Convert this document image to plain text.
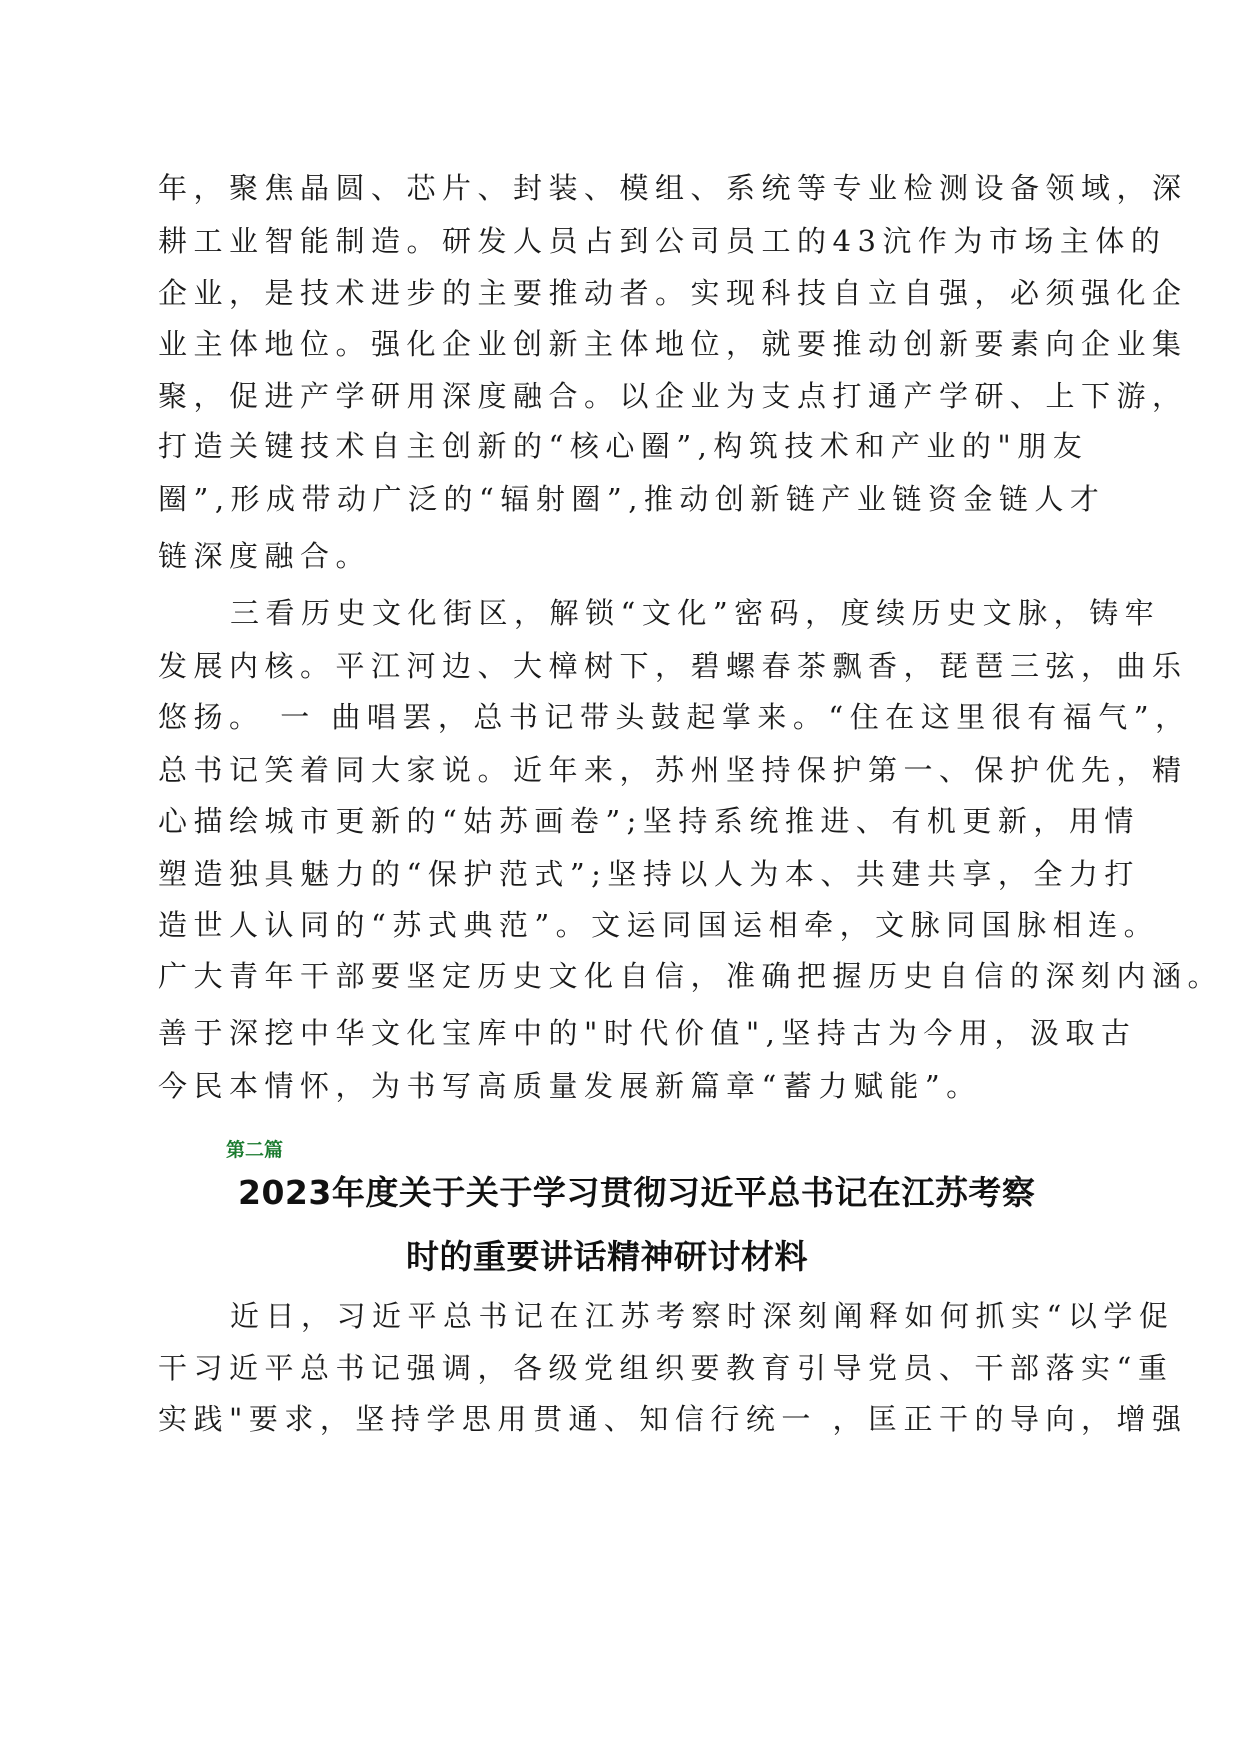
年，聚焦晶圆、芯片、封装、模组、系统等专业检测设备领域，深
耕工业智能制造。研发人员占到公司员工的43沆作为市场主体的
企业，是技术进步的主要推动者。实现科技自立自强，必须强化企
业主体地位。强化企业创新主体地位，就要推动创新要素向企业集
聚，促进产学研用深度融合。以企业为支点打通产学研、上下游，
打造关键技术自主创新的“核心圈”,构筑技术和产业的"朋友
圈”,形成带动广泛的“辐射圈”,推动创新链产业链资金链人才
链深度融合。
三看历史文化街区，解锁“文化”密码，度续历史文脉，铸牢
发展内核。平江河边、大樟树下，碧螺春茶飘香，琵琶三弦，曲乐
悠扬。 一 曲唱罢，总书记带头鼓起掌来。“住在这里很有福气”，
总书记笑着同大家说。近年来，苏州坚持保护第一、保护优先，精
心描绘城市更新的“姑苏画卷”;坚持系统推进、有机更新，用情
塑造独具魅力的“保护范式”;坚持以人为本、共建共享，全力打
造世人认同的“苏式典范”。文运同国运相牵，文脉同国脉相连。
广大青年干部要坚定历史文化自信，准确把握历史自信的深刻内涵。
善于深挖中华文化宝库中的"时代价值",坚持古为今用，汲取古
今民本情怀，为书写高质量发展新篇章“蓄力赋能”。
第二篇
2023年度关于关于学习贯彻习近平总书记在江苏考察
时的重要讲话精神研讨材料
近日，习近平总书记在江苏考察时深刻阐释如何抓实“以学促
干习近平总书记强调，各级党组织要教育引导党员、干部落实“重
实践"要求，坚持学思用贯通、知信行统一 ，匡正干的导向，增强
